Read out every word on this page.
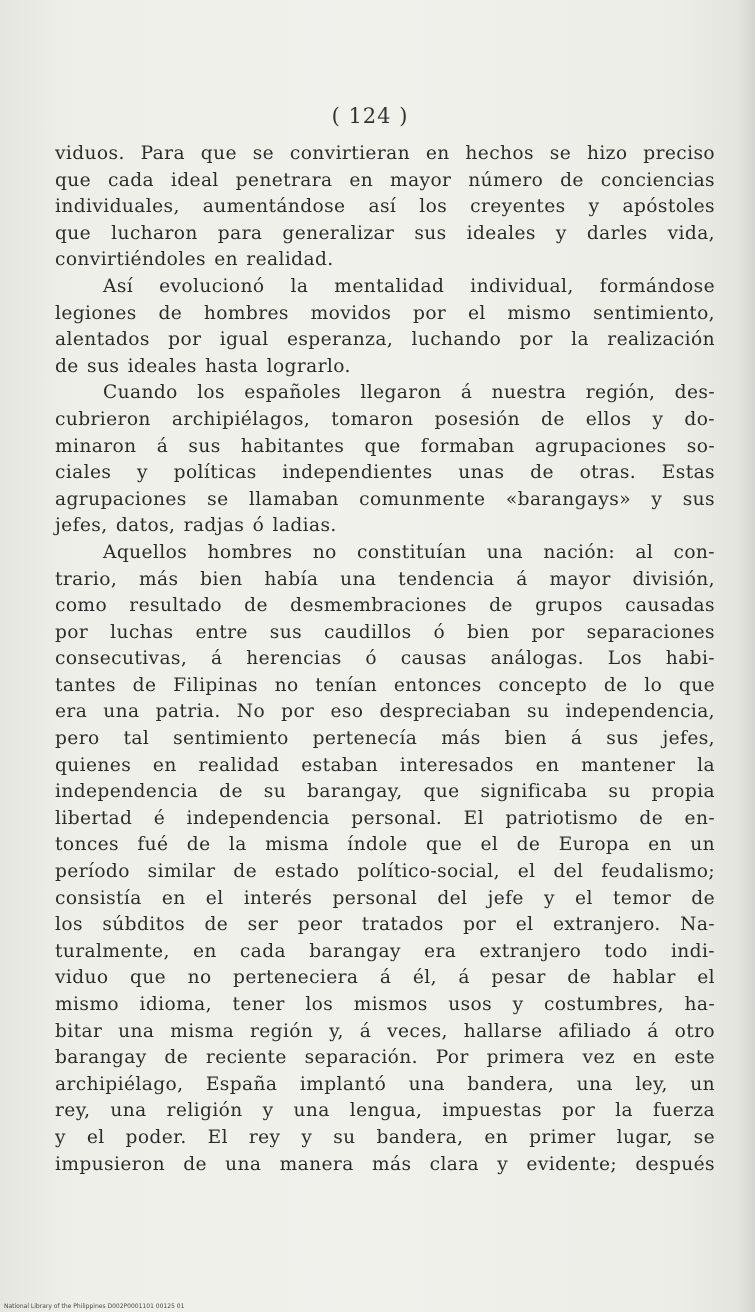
( 124 )
viduos. Para que se convirtieran en hechos se hizo preciso
que cada ideal penetrara en mayor número de conciencias
individuales, aumentándose así los creyentes y apóstoles
que lucharon para generalizar sus ideales y darles vida,
convirtiéndoles en realidad.
Así evolucionó la mentalidad individual, formándose
legiones de hombres movidos por el mismo sentimiento,
alentados por igual esperanza, luchando por la realización
de sus ideales hasta lograrlo.
Cuando los españoles llegaron á nuestra región, des-
cubrieron archipiélagos, tomaron posesión de ellos y do-
minaron á sus habitantes que formaban agrupaciones so-
ciales y políticas independientes unas de otras. Estas
agrupaciones se llamaban comunmente «barangays» y sus
jefes, datos, radjas ó ladias.
Aquellos hombres no constituían una nación: al con-
trario, más bien había una tendencia á mayor división,
como resultado de desmembraciones de grupos causadas
por luchas entre sus caudillos ó bien por separaciones
consecutivas, á herencias ó causas análogas. Los habi-
tantes de Filipinas no tenían entonces concepto de lo que
era una patria. No por eso despreciaban su independencia,
pero tal sentimiento pertenecía más bien á sus jefes,
quienes en realidad estaban interesados en mantener la
independencia de su barangay, que significaba su propia
libertad é independencia personal. El patriotismo de en-
tonces fué de la misma índole que el de Europa en un
período similar de estado político-social, el del feudalismo;
consistía en el interés personal del jefe y el temor de
los súbditos de ser peor tratados por el extranjero. Na-
turalmente, en cada barangay era extranjero todo indi-
viduo que no perteneciera á él, á pesar de hablar el
mismo idioma, tener los mismos usos y costumbres, ha-
bitar una misma región y, á veces, hallarse afiliado á otro
barangay de reciente separación. Por primera vez en este
archipiélago, España implantó una bandera, una ley, un
rey, una religión y una lengua, impuestas por la fuerza
y el poder. El rey y su bandera, en primer lugar, se
impusieron de una manera más clara y evidente; después
National Library of the Philippines D002P0001101 00125 01
